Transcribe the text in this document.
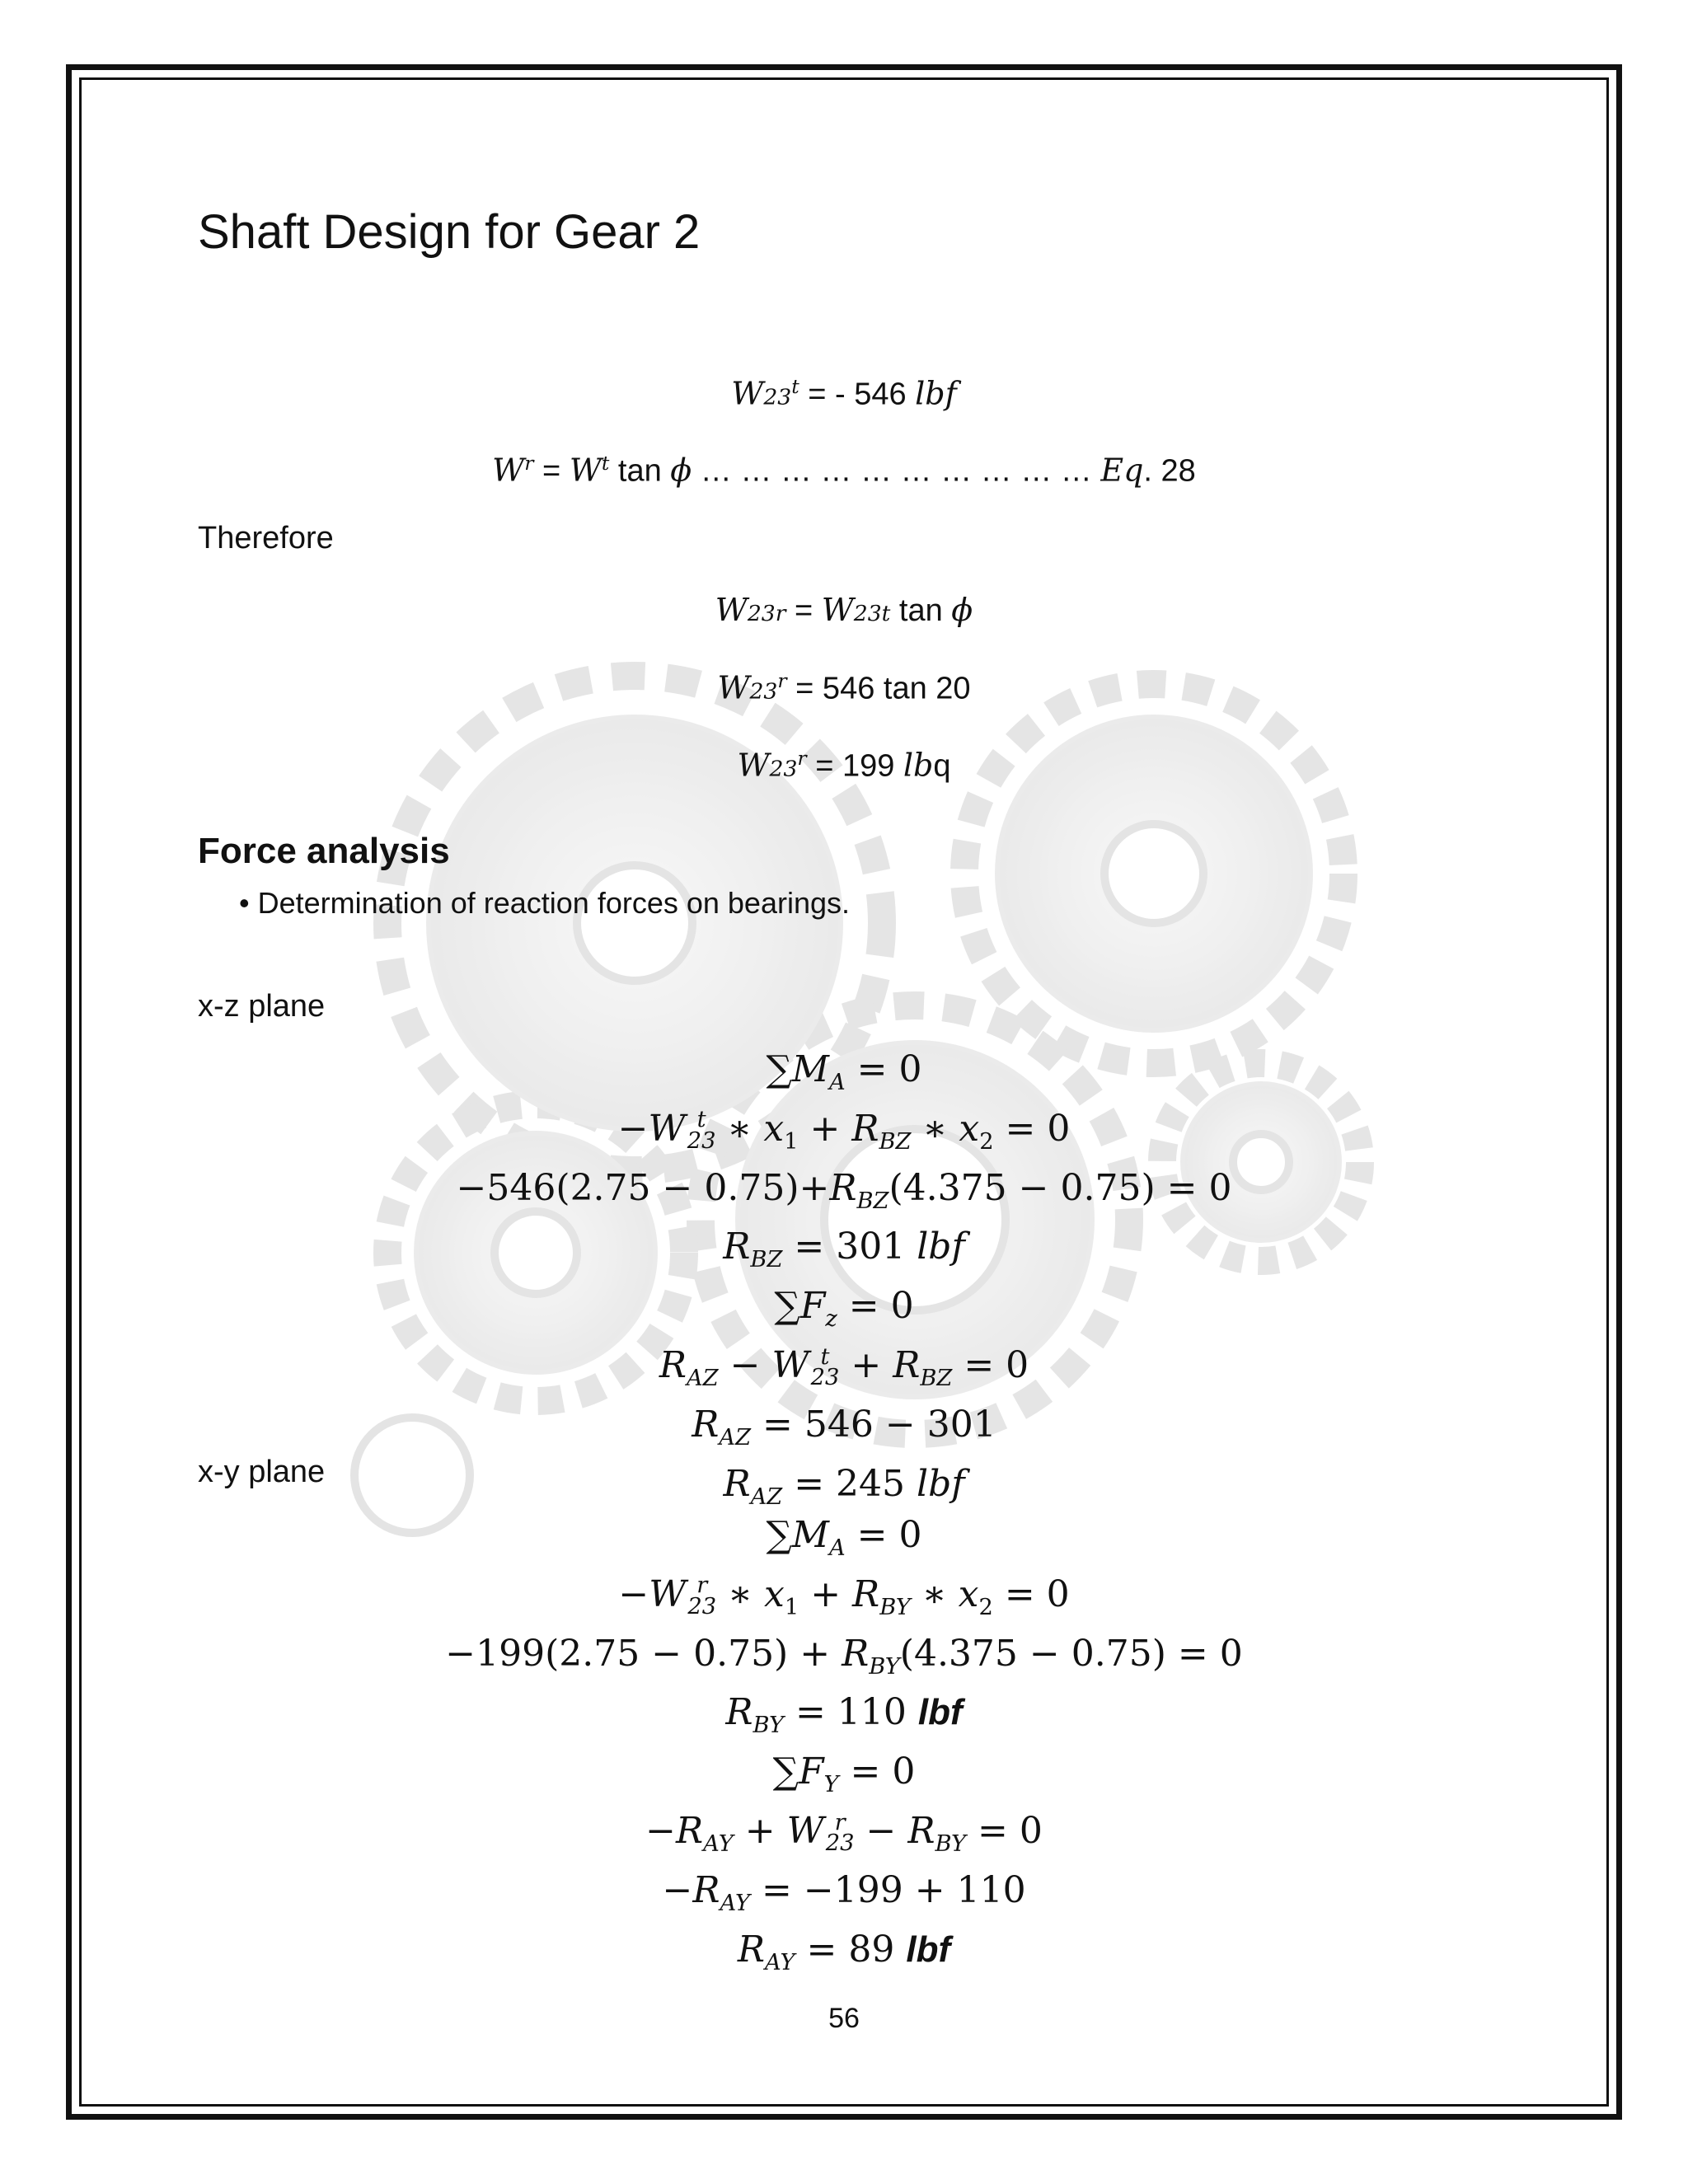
Shaft Design for Gear 2
$W23^t$ = - 546 lbf
$W^r = W^t$ tan ϕ … … … … … … … … … … Eq. 28
Therefore
W23r = W23t tan ϕ
$W23^r = 546$ tan 20
$W23^r = 199$ lbq
Force analysis
• Determination of reaction forces on bearings.
x-z plane
$\sum M_A = 0$
−W t
23 ∗ $x_1 + R_{BZ}$ ∗ $x_2 = 0$
$-546(2.75 - 0.75)+R_{BZ}(4.375 - 0.75) = 0$
$R_{BZ} = 301$ lbf
$\sum F_z = 0$
$R_{AZ} - W$ t
$23 + R_{BZ} = 0$
$R_{AZ} = 546 - 301$
$R_{AZ} = 245$ lbf
x-y plane
$\sum M_A = 0$
−W r
23 ∗ $x_1 + R_{BY}$ ∗ $x_2 = 0$
$-199(2.75 - 0.75) + R_{BY}(4.375 - 0.75) = 0$
$R_{BY} = 110$ lbf
$\sum F_Y = 0$
$-R_{AY} + W$ r
$23 - R_{BY} = 0$
$-R_{AY} = -199 + 110$
$R_{AY} = 89$ lbf
56
